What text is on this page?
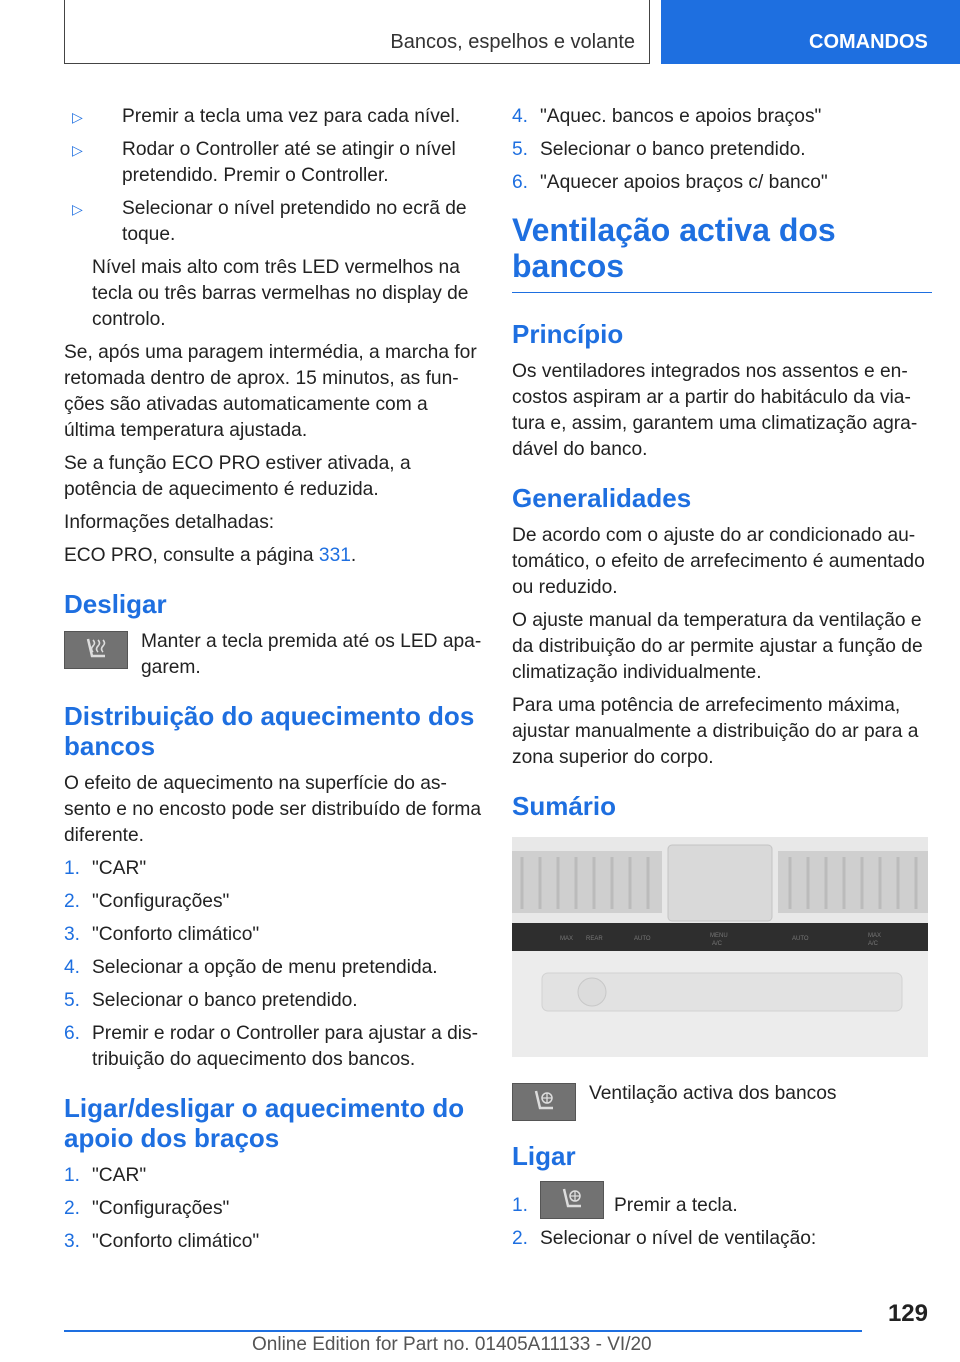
Bancos, espelhos e volante	COMANDOS
▷ Premir a tecla uma vez para cada nível.
▷ Rodar o Controller até se atingir o nível pretendido. Premir o Controller.
▷ Selecionar o nível pretendido no ecrã de toque.

Nível mais alto com três LED vermelhos na tecla ou três barras vermelhas no display de controlo.

Se, após uma paragem intermédia, a marcha for retomada dentro de aprox. 15 minutos, as fun‐ções são ativadas automaticamente com a última temperatura ajustada.

Se a função ECO PRO estiver ativada, a potência de aquecimento é reduzida.

Informações detalhadas:

ECO PRO, consulte a página 331.

Desligar
Manter a tecla premida até os LED apa‐garem.
Distribuição do aquecimento dos bancos

O efeito de aquecimento na superfície do as‐sento e no encosto pode ser distribuído de forma diferente.

1. "CAR"
2. "Configurações"
3. "Conforto climático"
4. Selecionar a opção de menu pretendida.
5. Selecionar o banco pretendido.
6. Premir e rodar o Controller para ajustar a dis‐tribuição do aquecimento dos bancos.
Ligar/desligar o aquecimento do apoio dos braços
1. "CAR"
2. "Configurações"
3. "Conforto climático"
4. "Aquec. bancos e apoios braços"
5. Selecionar o banco pretendido.
6. "Aquecer apoios braços c/ banco"
Ventilação activa dos bancos
Princípio

Os ventiladores integrados nos assentos e en‐costos aspiram ar a partir do habitáculo da via‐tura e, assim, garantem uma climatização agra‐dável do banco.

Generalidades

De acordo com o ajuste do ar condicionado au‐tomático, o efeito de arrefecimento é aumentado ou reduzido.

O ajuste manual da temperatura da ventilação e da distribuição do ar permite ajustar a função de climatização individualmente.

Para uma potência de arrefecimento máxima, ajustar manualmente a distribuição do ar para a zona superior do corpo.

Sumário
MAX REAR	AUTO	MENU
A/C
AUTO	MAX
A/C
Ventilação activa dos bancos
Ligar
1.	Premir a tecla.
2. Selecionar o nível de ventilação:
129
Online Edition for Part no. 01405A11133 - VI/20
